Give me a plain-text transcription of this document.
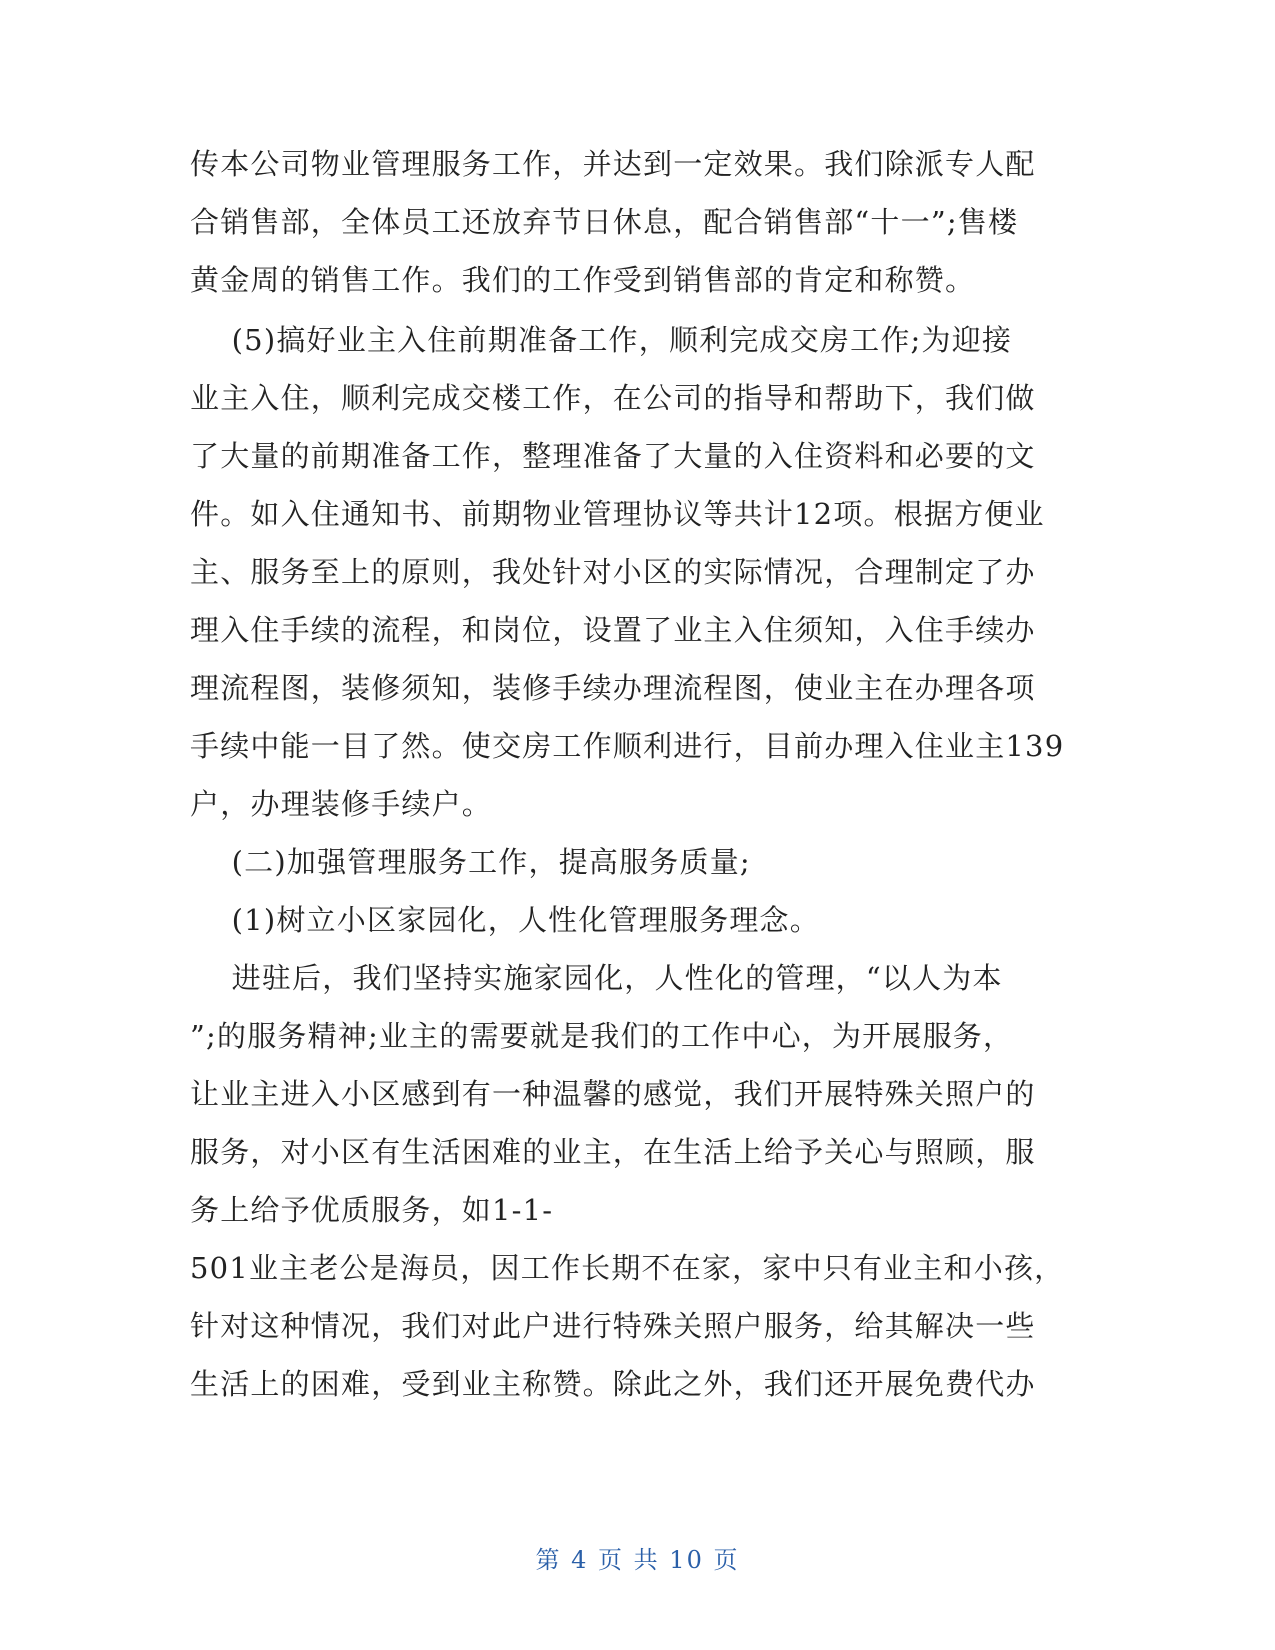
传本公司物业管理服务工作，并达到一定效果。我们除派专人配
合销售部，全体员工还放弃节日休息，配合销售部“十一”;售楼
黄金周的销售工作。我们的工作受到销售部的肯定和称赞。
(5)搞好业主入住前期准备工作，顺利完成交房工作;为迎接
业主入住，顺利完成交楼工作，在公司的指导和帮助下，我们做
了大量的前期准备工作，整理准备了大量的入住资料和必要的文
件。如入住通知书、前期物业管理协议等共计12项。根据方便业
主、服务至上的原则，我处针对小区的实际情况，合理制定了办
理入住手续的流程，和岗位，设置了业主入住须知，入住手续办
理流程图，装修须知，装修手续办理流程图，使业主在办理各项
手续中能一目了然。使交房工作顺利进行，目前办理入住业主139
户，办理装修手续户。
(二)加强管理服务工作，提高服务质量;
(1)树立小区家园化，人性化管理服务理念。
进驻后，我们坚持实施家园化，人性化的管理，“以人为本
”;的服务精神;业主的需要就是我们的工作中心，为开展服务，
让业主进入小区感到有一种温馨的感觉，我们开展特殊关照户的
服务，对小区有生活困难的业主，在生活上给予关心与照顾，服
务上给予优质服务，如1-1-
501业主老公是海员，因工作长期不在家，家中只有业主和小孩，
针对这种情况，我们对此户进行特殊关照户服务，给其解决一些
生活上的困难，受到业主称赞。除此之外，我们还开展免费代办
第 4 页 共 10 页
